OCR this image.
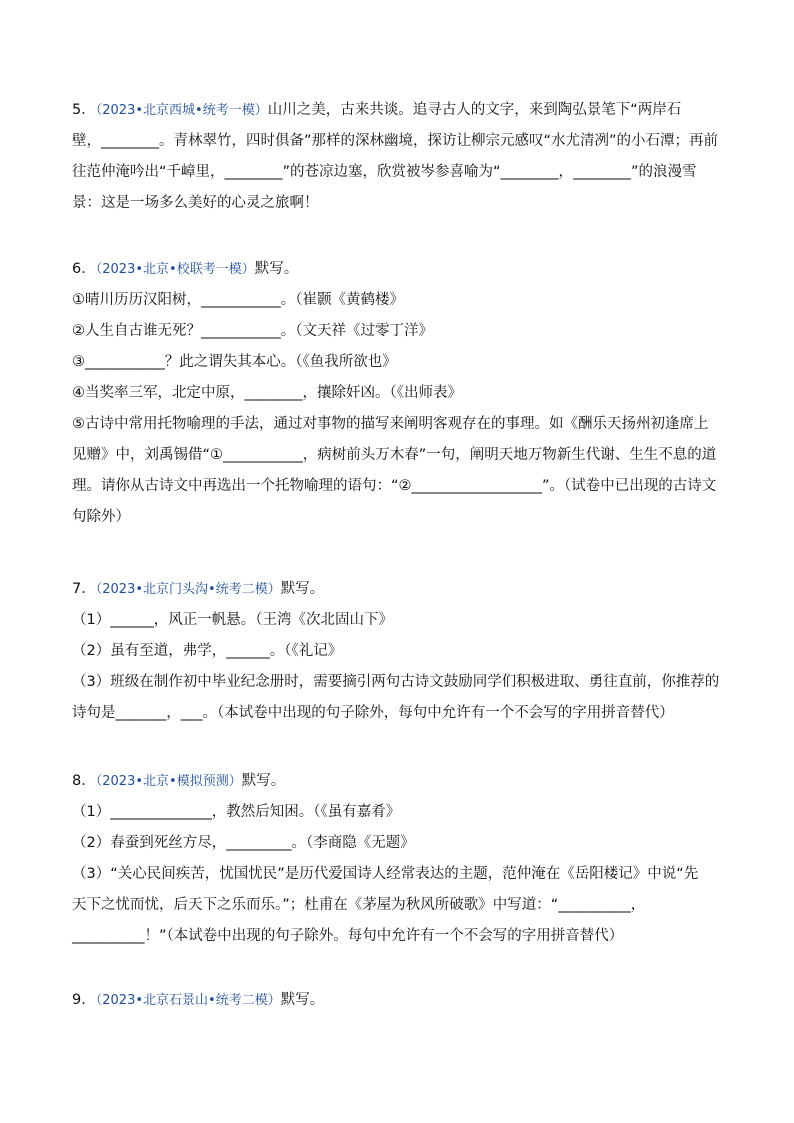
5．（2023•北京西城•统考一模）山川之美，古来共谈。追寻古人的文字，来到陶弘景笔下“两岸石

壁，________。青林翠竹，四时俱备”那样的深林幽境，探访让柳宗元感叹“水尤清冽”的小石潭；再前

往范仲淹吟出“千嶂里，________”的苍凉边塞，欣赏被岑参喜喻为“________，________”的浪漫雪

景：这是一场多么美好的心灵之旅啊！

6．（2023•北京•校联考一模）默写。

①晴川历历汉阳树，___________。（崔颢《黄鹤楼》

②人生自古谁无死？___________。（文天祥《过零丁洋》

③___________？此之谓失其本心。（《鱼我所欲也》

④当奖率三军，北定中原，________，攘除奸凶。（《出师表》

⑤古诗中常用托物喻理的手法，通过对事物的描写来阐明客观存在的事理。如《酬乐天扬州初逢席上

见赠》中，刘禹锡借“①___________，病树前头万木春”一句，阐明天地万物新生代谢、生生不息的道

理。请你从古诗文中再选出一个托物喻理的语句：“②__________________”。（试卷中已出现的古诗文

句除外）

7．（2023•北京门头沟•统考二模）默写。

（1）______，风正一帆悬。（王湾《次北固山下》

（2）虽有至道，弗学，______。（《礼记》

（3）班级在制作初中毕业纪念册时，需要摘引两句古诗文鼓励同学们积极进取、勇往直前，你推荐的

诗句是_______，___。（本试卷中出现的句子除外，每句中允许有一个不会写的字用拼音替代）

8．（2023•北京•模拟预测）默写。

（1）______________，教然后知困。（《虽有嘉肴》

（2）春蚕到死丝方尽，_________。（李商隐《无题》

（3）“关心民间疾苦，忧国忧民”是历代爱国诗人经常表达的主题，范仲淹在《岳阳楼记》中说“先

天下之忧而忧，后天下之乐而乐。”；杜甫在《茅屋为秋风所破歌》中写道：“__________，

__________！”（本试卷中出现的句子除外。每句中允许有一个不会写的字用拼音替代）

9．（2023•北京石景山•统考二模）默写。
